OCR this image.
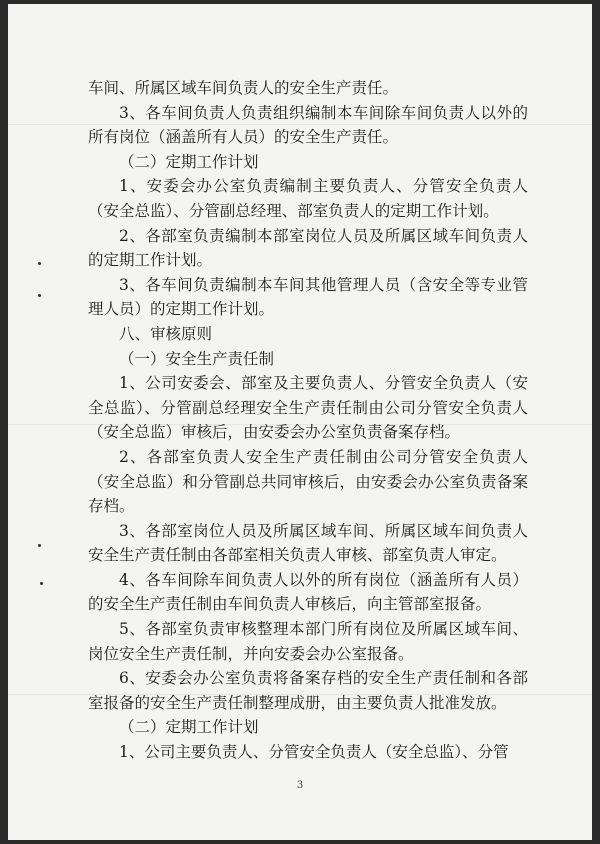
车间、所属区域车间负责人的安全生产责任。

3、各车间负责人负责组织编制本车间除车间负责人以外的所有岗位（涵盖所有人员）的安全生产责任。

（二）定期工作计划

1、安委会办公室负责编制主要负责人、分管安全负责人（安全总监）、分管副总经理、部室负责人的定期工作计划。

2、各部室负责编制本部室岗位人员及所属区域车间负责人的定期工作计划。

3、各车间负责编制本车间其他管理人员（含安全等专业管理人员）的定期工作计划。

八、审核原则

（一）安全生产责任制

1、公司安委会、部室及主要负责人、分管安全负责人（安全总监）、分管副总经理安全生产责任制由公司分管安全负责人（安全总监）审核后，由安委会办公室负责备案存档。

2、各部室负责人安全生产责任制由公司分管安全负责人（安全总监）和分管副总共同审核后，由安委会办公室负责备案存档。

3、各部室岗位人员及所属区域车间、所属区域车间负责人安全生产责任制由各部室相关负责人审核、部室负责人审定。

4、各车间除车间负责人以外的所有岗位（涵盖所有人员）的安全生产责任制由车间负责人审核后，向主管部室报备。

5、各部室负责审核整理本部门所有岗位及所属区域车间、岗位安全生产责任制，并向安委会办公室报备。

6、安委会办公室负责将备案存档的安全生产责任制和各部室报备的安全生产责任制整理成册，由主要负责人批准发放。

（二）定期工作计划

1、公司主要负责人、分管安全负责人（安全总监）、分管

3
